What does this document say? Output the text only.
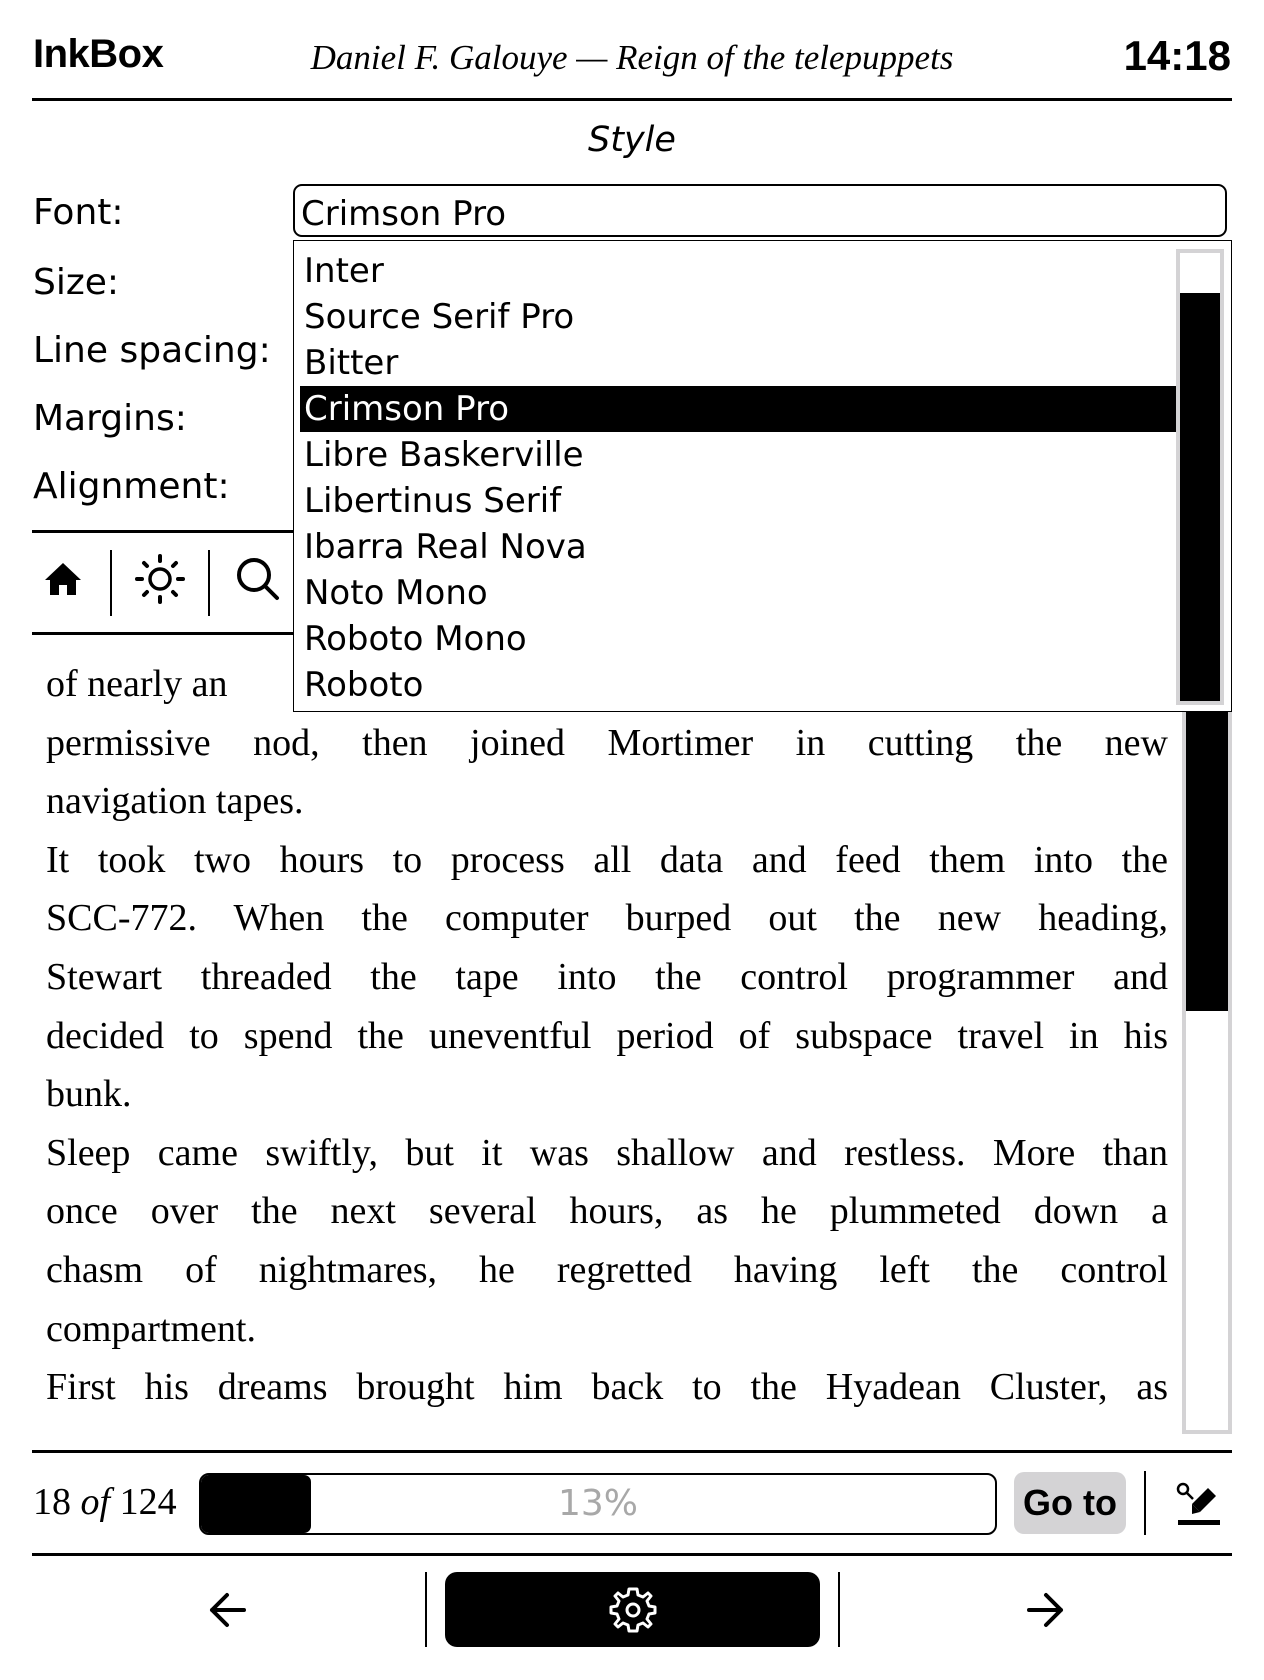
InkBox	Daniel F. Galouye — Reign of the telepuppets	14:18
Style
Font:
Size:
Line spacing:
Margins:
Alignment:
Crimson Pro
Inter
Source Serif Pro
Bitter
Crimson Pro
Libre Baskerville
Libertinus Serif
Ibarra Real Nova
Noto Mono
Roboto Mono
Roboto
of nearly an
permissive nod, then joined Mortimer in cutting the new
navigation tapes.
It took two hours to process all data and feed them into the
SCC-772. When the computer burped out the new heading,
Stewart threaded the tape into the control programmer and
decided to spend the uneventful period of subspace travel in his
bunk.
Sleep came swiftly, but it was shallow and restless. More than
once over the next several hours, as he plummeted down a
chasm of nightmares, he regretted having left the control
compartment.
First his dreams brought him back to the Hyadean Cluster, as
18 of 124	13%	Go to
